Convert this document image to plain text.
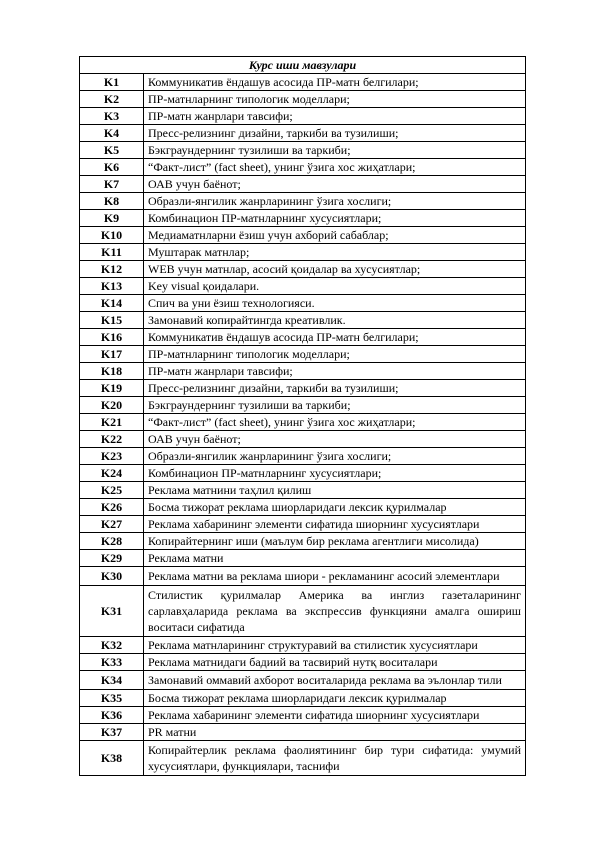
Курс иши мавзулари	
K1	Коммуникатив ёндашув асосида ПР-матн белгилари;
K2	ПР-матнларнинг типологик моделлари;
K3	ПР-матн жанрлари тавсифи;
K4	Пресс-релизнинг дизайни, таркиби ва тузилиши;
K5	Бэкграундернинг тузилиши ва таркиби;
K6	“Факт-лист” (fact sheet), унинг ўзига хос жиҳатлари;
K7	ОАВ учун баёнот;
K8	Образли-янгилик жанрларининг ўзига хослиги;
K9	Комбинацион ПР-матнларнинг хусусиятлари;
K10	Медиаматнларни ёзиш учун ахборий сабаблар;
K11	Муштарак матнлар;
K12	WEB учун матнлар, асосий қоидалар ва хусусиятлар;
K13	Key visual қоидалари.
K14	Спич ва уни ёзиш технологияси.
K15	Замонавий копирайтингда креативлик.
K16	Коммуникатив ёндашув асосида ПР-матн белгилари;
K17	ПР-матнларнинг типологик моделлари;
K18	ПР-матн жанрлари тавсифи;
K19	Пресс-релизнинг дизайни, таркиби ва тузилиши;
K20	Бэкграундернинг тузилиши ва таркиби;
K21	“Факт-лист” (fact sheet), унинг ўзига хос жиҳатлари;
K22	ОАВ учун баёнот;
K23	Образли-янгилик жанрларининг ўзига хослиги;
K24	Комбинацион ПР-матнларнинг хусусиятлари;
K25	Реклама матнини таҳлил қилиш
K26	Босма тижорат реклама шиорларидаги лексик қурилмалар
K27	Реклама хабарининг элементи сифатида шиорнинг хусусиятлари
K28	Копирайтернинг иши (маълум бир реклама агентлиги мисолида)
K29	Реклама матни
K30	Реклама матни ва реклама шиори - рекламанинг асосий элементлари
K31	Стилистик қурилмалар Америка ва инглиз газеталарининг сарлавҳаларида реклама ва экспрессив функцияни амалга ошириш воситаси сифатида
K32	Реклама матнларининг структуравий ва стилистик хусусиятлари
K33	Реклама матнидаги бадиий ва тасвирий нутқ воситалари
K34	Замонавий оммавий ахборот воситаларида реклама ва эълонлар тили
K35	Босма тижорат реклама шиорларидаги лексик қурилмалар
K36	Реклама хабарининг элементи сифатида шиорнинг хусусиятлари
K37	PR матни
K38	Копирайтерлик реклама фаолиятининг бир тури сифатида: умумий хусусиятлари, функциялари, таснифи
